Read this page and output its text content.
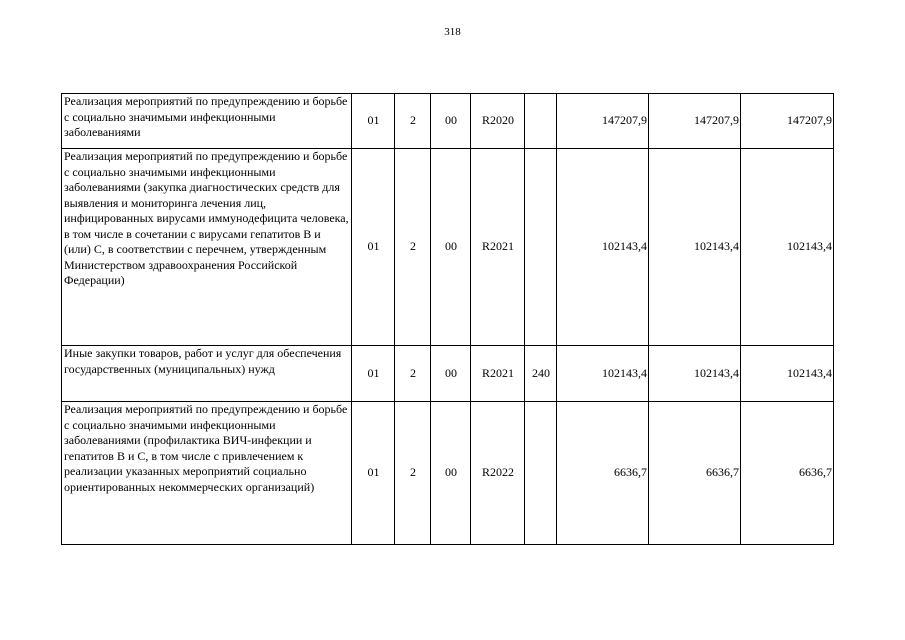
318
Реализация мероприятий по предупреждению и борьбе с социально значимыми инфекционными заболеваниями	01	2	00	R2020		147207,9	147207,9	147207,9
Реализация мероприятий по предупреждению и борьбе с социально значимыми инфекционными заболеваниями (закупка диагностических средств для выявления и мониторинга лечения лиц, инфицированных вирусами иммунодефицита человека, в том числе в сочетании с вирусами гепатитов B и (или) C, в соответствии с перечнем, утвержденным Министерством здравоохранения Российской Федерации)	01	2	00	R2021		102143,4	102143,4	102143,4
Иные закупки товаров, работ и услуг для обеспечения государственных (муниципальных) нужд	01	2	00	R2021	240	102143,4	102143,4	102143,4
Реализация мероприятий по предупреждению и борьбе с социально значимыми инфекционными заболеваниями (профилактика ВИЧ-инфекции и гепатитов B и C, в том числе с привлечением к реализации указанных мероприятий социально ориентированных некоммерческих организаций)	01	2	00	R2022		6636,7	6636,7	6636,7
